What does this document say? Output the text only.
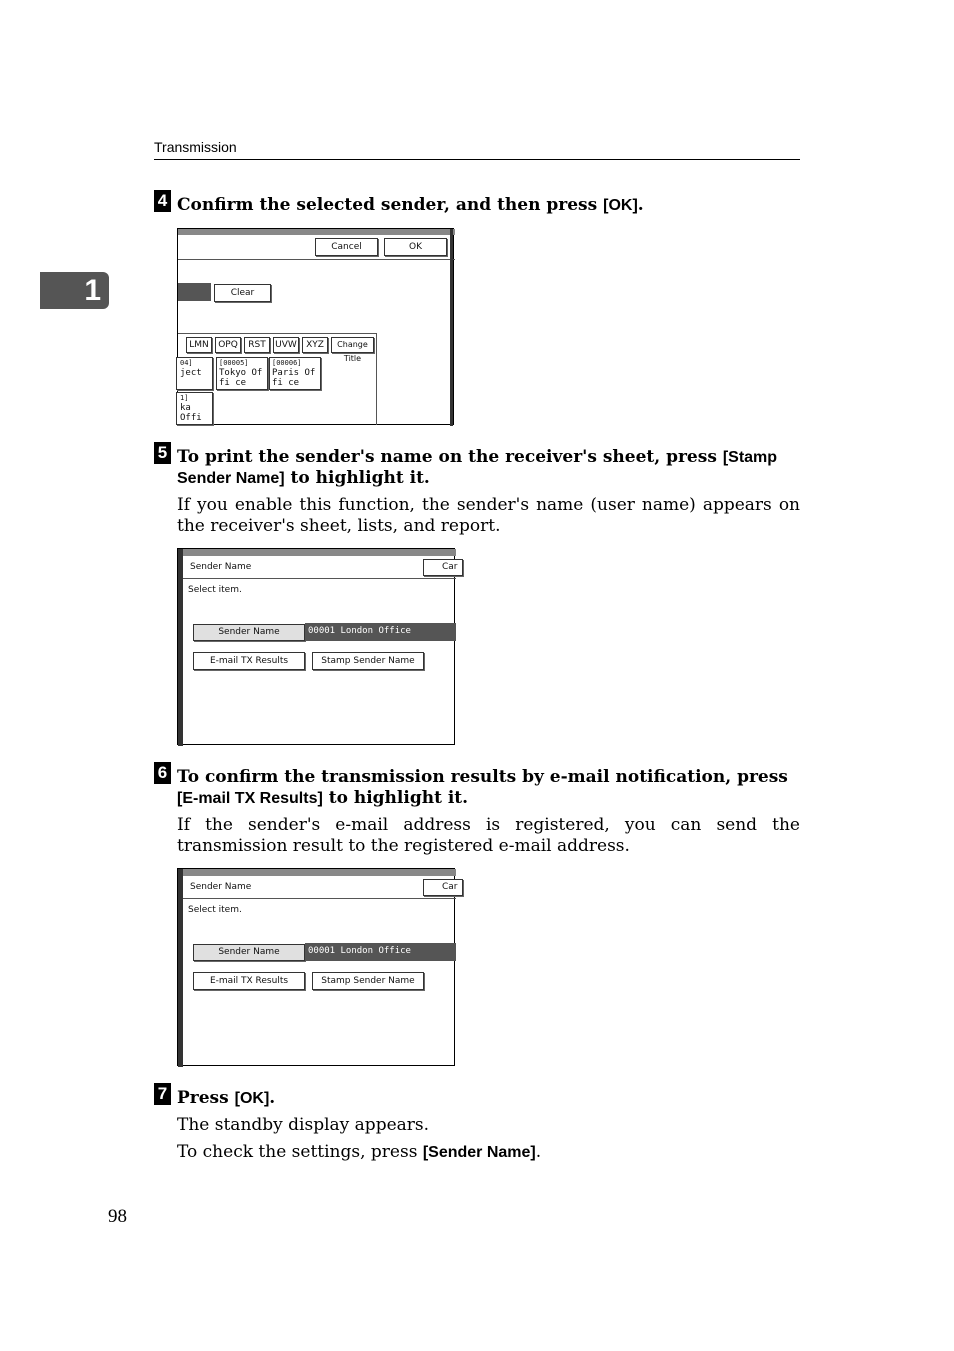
Transmission
1
4 Confirm the selected sender, and then press [OK].
Cancel	OK
Clear
LMN	OPQ	RST	UVW	XYZ	Change Title
04]
ject
[00005]
Tokyo Offi ce
[00006]
Paris Offi ce
1]
ka Offi
5 To print the sender's name on the receiver's sheet, press [Stamp Sender Name] to highlight it.
If you enable this function, the sender's name (user name) appears on the receiver's sheet, lists, and report.
Sender Name	Car
Select item.
Sender Name	00001 London Office
E-mail TX Results	Stamp Sender Name
6 To confirm the transmission results by e-mail notification, press [E-mail TX Results] to highlight it.
If the sender's e-mail address is registered, you can send the transmission result to the registered e-mail address.
Sender Name	Car
Select item.
Sender Name	00001 London Office
E-mail TX Results	Stamp Sender Name
7 Press [OK].
The standby display appears.
To check the settings, press [Sender Name].
98
